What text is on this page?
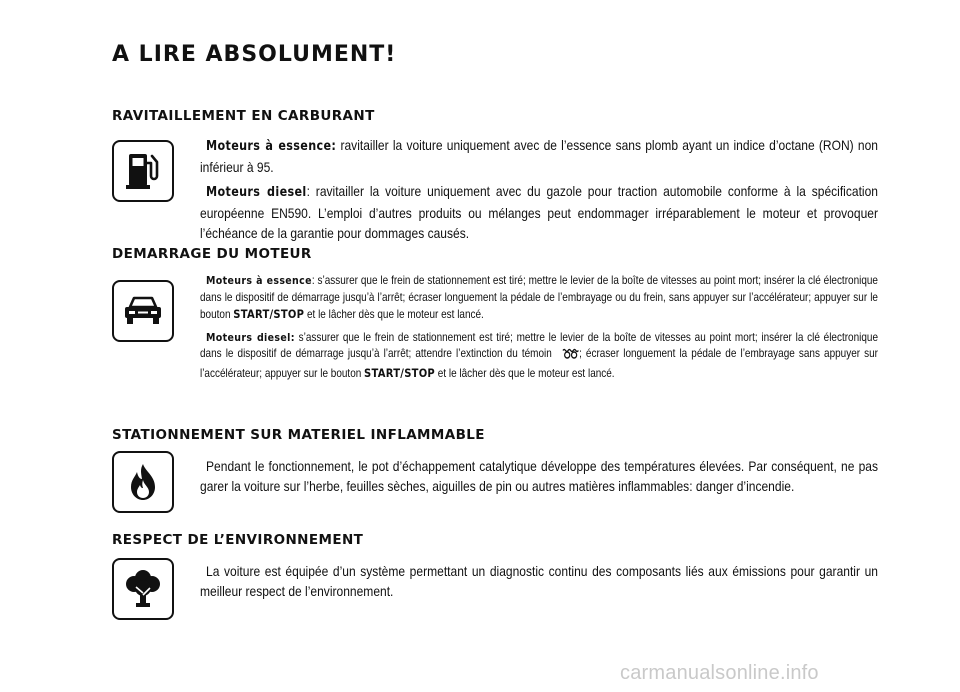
A LIRE ABSOLUMENT!
RAVITAILLEMENT EN CARBURANT

Moteurs à essence: ravitailler la voiture uniquement avec de l’essence sans plomb ayant un indice d’octane (RON) non inférieur à 95.

Moteurs diesel: ravitailler la voiture uniquement avec du gazole pour traction automobile conforme à la spécification européenne EN590. L’emploi d’autres produits ou mélanges peut endommager irréparablement le moteur et provoquer l’échéance de la garantie pour dommages causés.

DEMARRAGE DU MOTEUR

Moteurs à essence: s’assurer que le frein de stationnement est tiré; mettre le levier de la boîte de vitesses au point mort; insérer la clé électronique dans le dispositif de démarrage jusqu’à l’arrêt; écraser longuement la pédale de l’embrayage ou du frein, sans appuyer sur l’accélérateur; appuyer sur le bouton START/STOP et le lâcher dès que le moteur est lancé.

Moteurs diesel: s’assurer que le frein de stationnement est tiré; mettre le levier de la boîte de vitesses au point mort; insérer la clé électronique dans le dispositif de démarrage jusqu’à l’arrêt; attendre l’extinction du témoin ; écraser longuement la pédale de l’embrayage sans appuyer sur l’accélérateur; appuyer sur le bouton START/STOP et le lâcher dès que le moteur est lancé.

STATIONNEMENT SUR MATERIEL INFLAMMABLE

Pendant le fonctionnement, le pot d’échappement catalytique développe des températures élevées. Par conséquent, ne pas garer la voiture sur l’herbe, feuilles sèches, aiguilles de pin ou autres matières inflammables: danger d’incendie.

RESPECT DE L’ENVIRONNEMENT

La voiture est équipée d’un système permettant un diagnostic continu des composants liés aux émissions pour garantir un meilleur respect de l’environnement.

carmanualsonline.info
